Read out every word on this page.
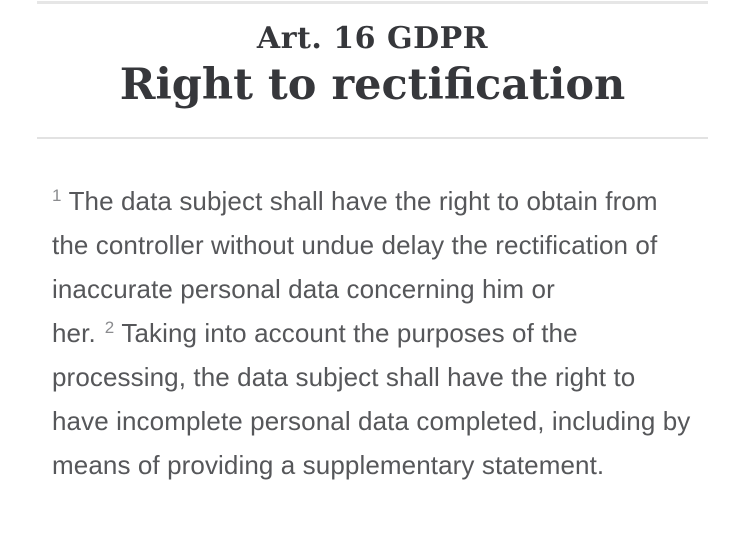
Art. 16 GDPR
Right to rectification

$^1$ The data subject shall have the right to obtain from the controller without undue delay the rectification of inaccurate personal data concerning him or her. $^2$ Taking into account the purposes of the processing, the data subject shall have the right to have incomplete personal data completed, including by means of providing a supplementary statement.
